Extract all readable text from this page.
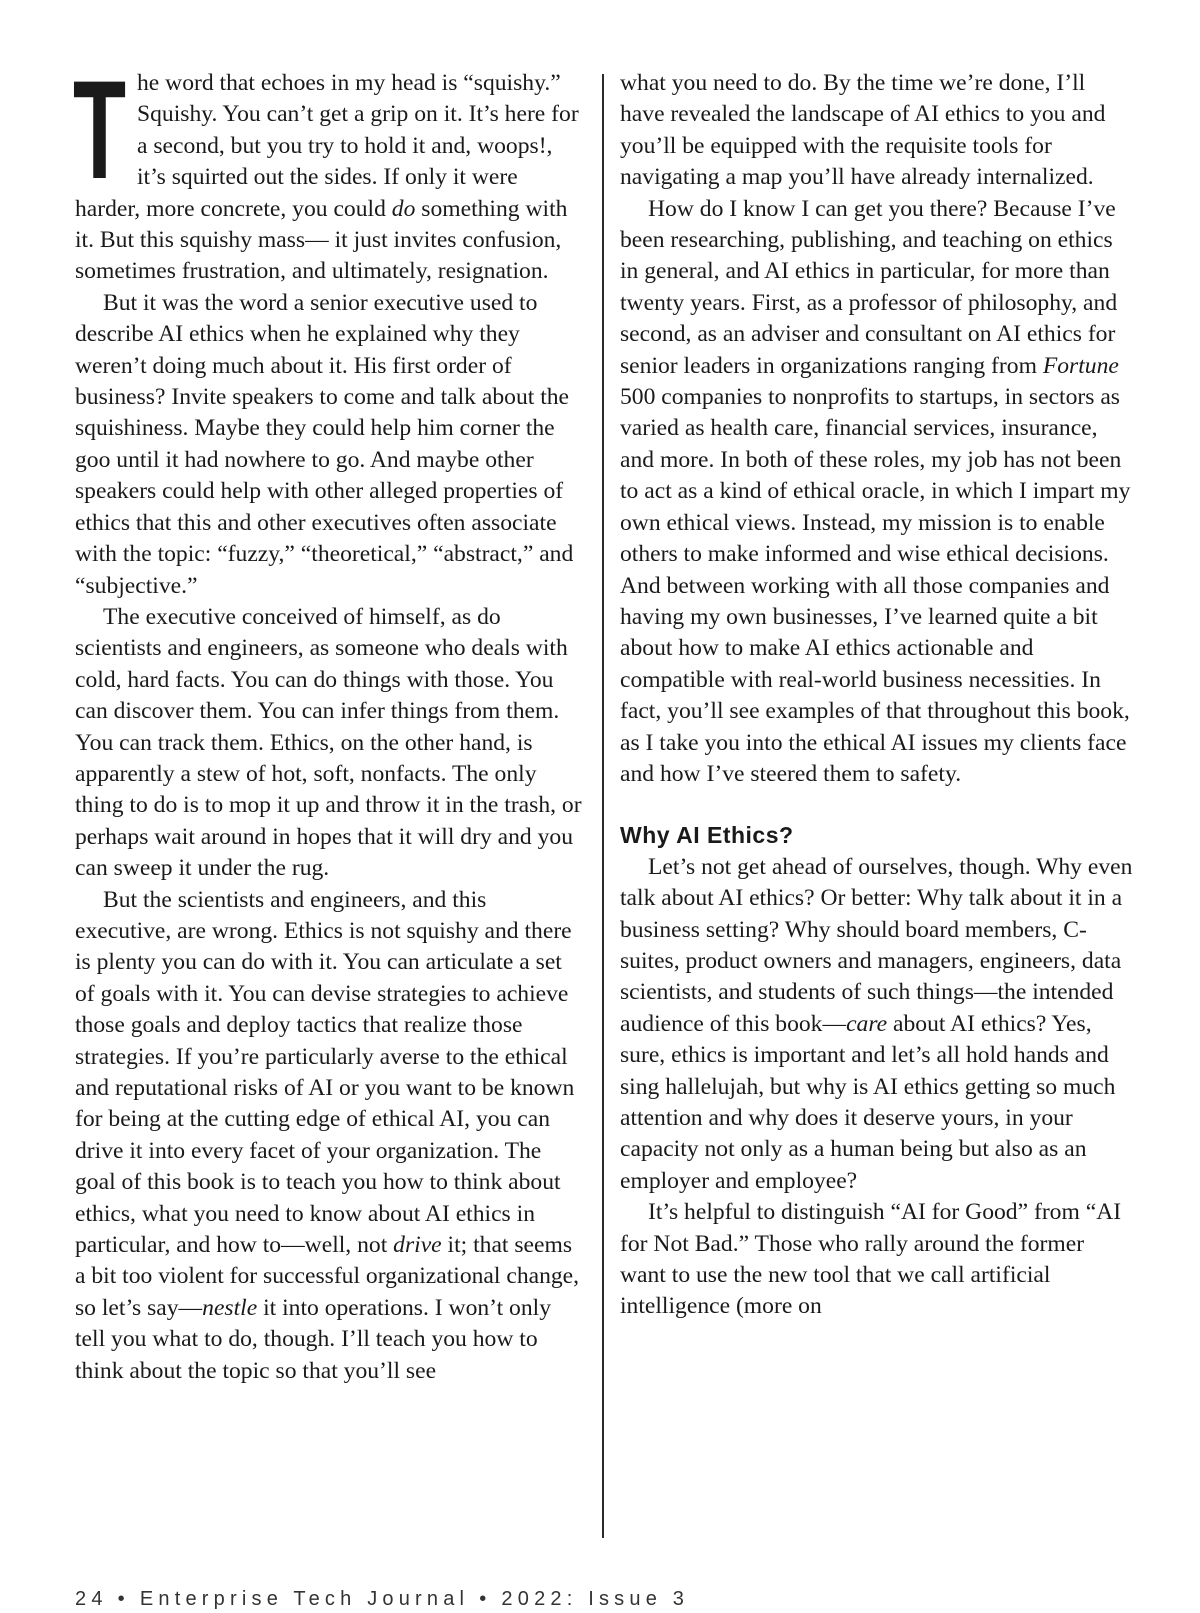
The word that echoes in my head is “squishy.” Squishy. You can’t get a grip on it. It’s here for a second, but you try to hold it and, woops!, it’s squirted out the sides. If only it were harder, more concrete, you could do something with it. But this squishy mass— it just invites confusion, sometimes frustration, and ultimately, resignation.

But it was the word a senior executive used to describe AI ethics when he explained why they weren’t doing much about it. His first order of business? Invite speakers to come and talk about the squishiness. Maybe they could help him corner the goo until it had nowhere to go. And maybe other speakers could help with other alleged properties of ethics that this and other executives often associate with the topic: “fuzzy,” “theoretical,” “abstract,” and “subjective.”

The executive conceived of himself, as do scientists and engineers, as someone who deals with cold, hard facts. You can do things with those. You can discover them. You can infer things from them. You can track them. Ethics, on the other hand, is apparently a stew of hot, soft, nonfacts. The only thing to do is to mop it up and throw it in the trash, or perhaps wait around in hopes that it will dry and you can sweep it under the rug.

But the scientists and engineers, and this executive, are wrong. Ethics is not squishy and there is plenty you can do with it. You can articulate a set of goals with it. You can devise strategies to achieve those goals and deploy tactics that realize those strategies. If you’re particularly averse to the ethical and reputational risks of AI or you want to be known for being at the cutting edge of ethical AI, you can drive it into every facet of your organization. The goal of this book is to teach you how to think about ethics, what you need to know about AI ethics in particular, and how to—well, not drive it; that seems a bit too violent for successful organizational change, so let’s say—nestle it into operations. I won’t only tell you what to do, though. I’ll teach you how to think about the topic so that you’ll see

what you need to do. By the time we’re done, I’ll have revealed the landscape of AI ethics to you and you’ll be equipped with the requisite tools for navigating a map you’ll have already internalized.

How do I know I can get you there? Because I’ve been researching, publishing, and teaching on ethics in general, and AI ethics in particular, for more than twenty years. First, as a professor of philosophy, and second, as an adviser and consultant on AI ethics for senior leaders in organizations ranging from Fortune 500 companies to nonprofits to startups, in sectors as varied as health care, financial services, insurance, and more. In both of these roles, my job has not been to act as a kind of ethical oracle, in which I impart my own ethical views. Instead, my mission is to enable others to make informed and wise ethical decisions. And between working with all those companies and having my own businesses, I’ve learned quite a bit about how to make AI ethics actionable and compatible with real-world business necessities. In fact, you’ll see examples of that throughout this book, as I take you into the ethical AI issues my clients face and how I’ve steered them to safety.

Why AI Ethics?

Let’s not get ahead of ourselves, though. Why even talk about AI ethics? Or better: Why talk about it in a business setting? Why should board members, C-suites, product owners and managers, engineers, data scientists, and students of such things—the intended audience of this book—care about AI ethics? Yes, sure, ethics is important and let’s all hold hands and sing hallelujah, but why is AI ethics getting so much attention and why does it deserve yours, in your capacity not only as a human being but also as an employer and employee?

It’s helpful to distinguish “AI for Good” from “AI for Not Bad.” Those who rally around the former want to use the new tool that we call artificial intelligence (more on

24 • Enterprise Tech Journal • 2022: Issue 3
